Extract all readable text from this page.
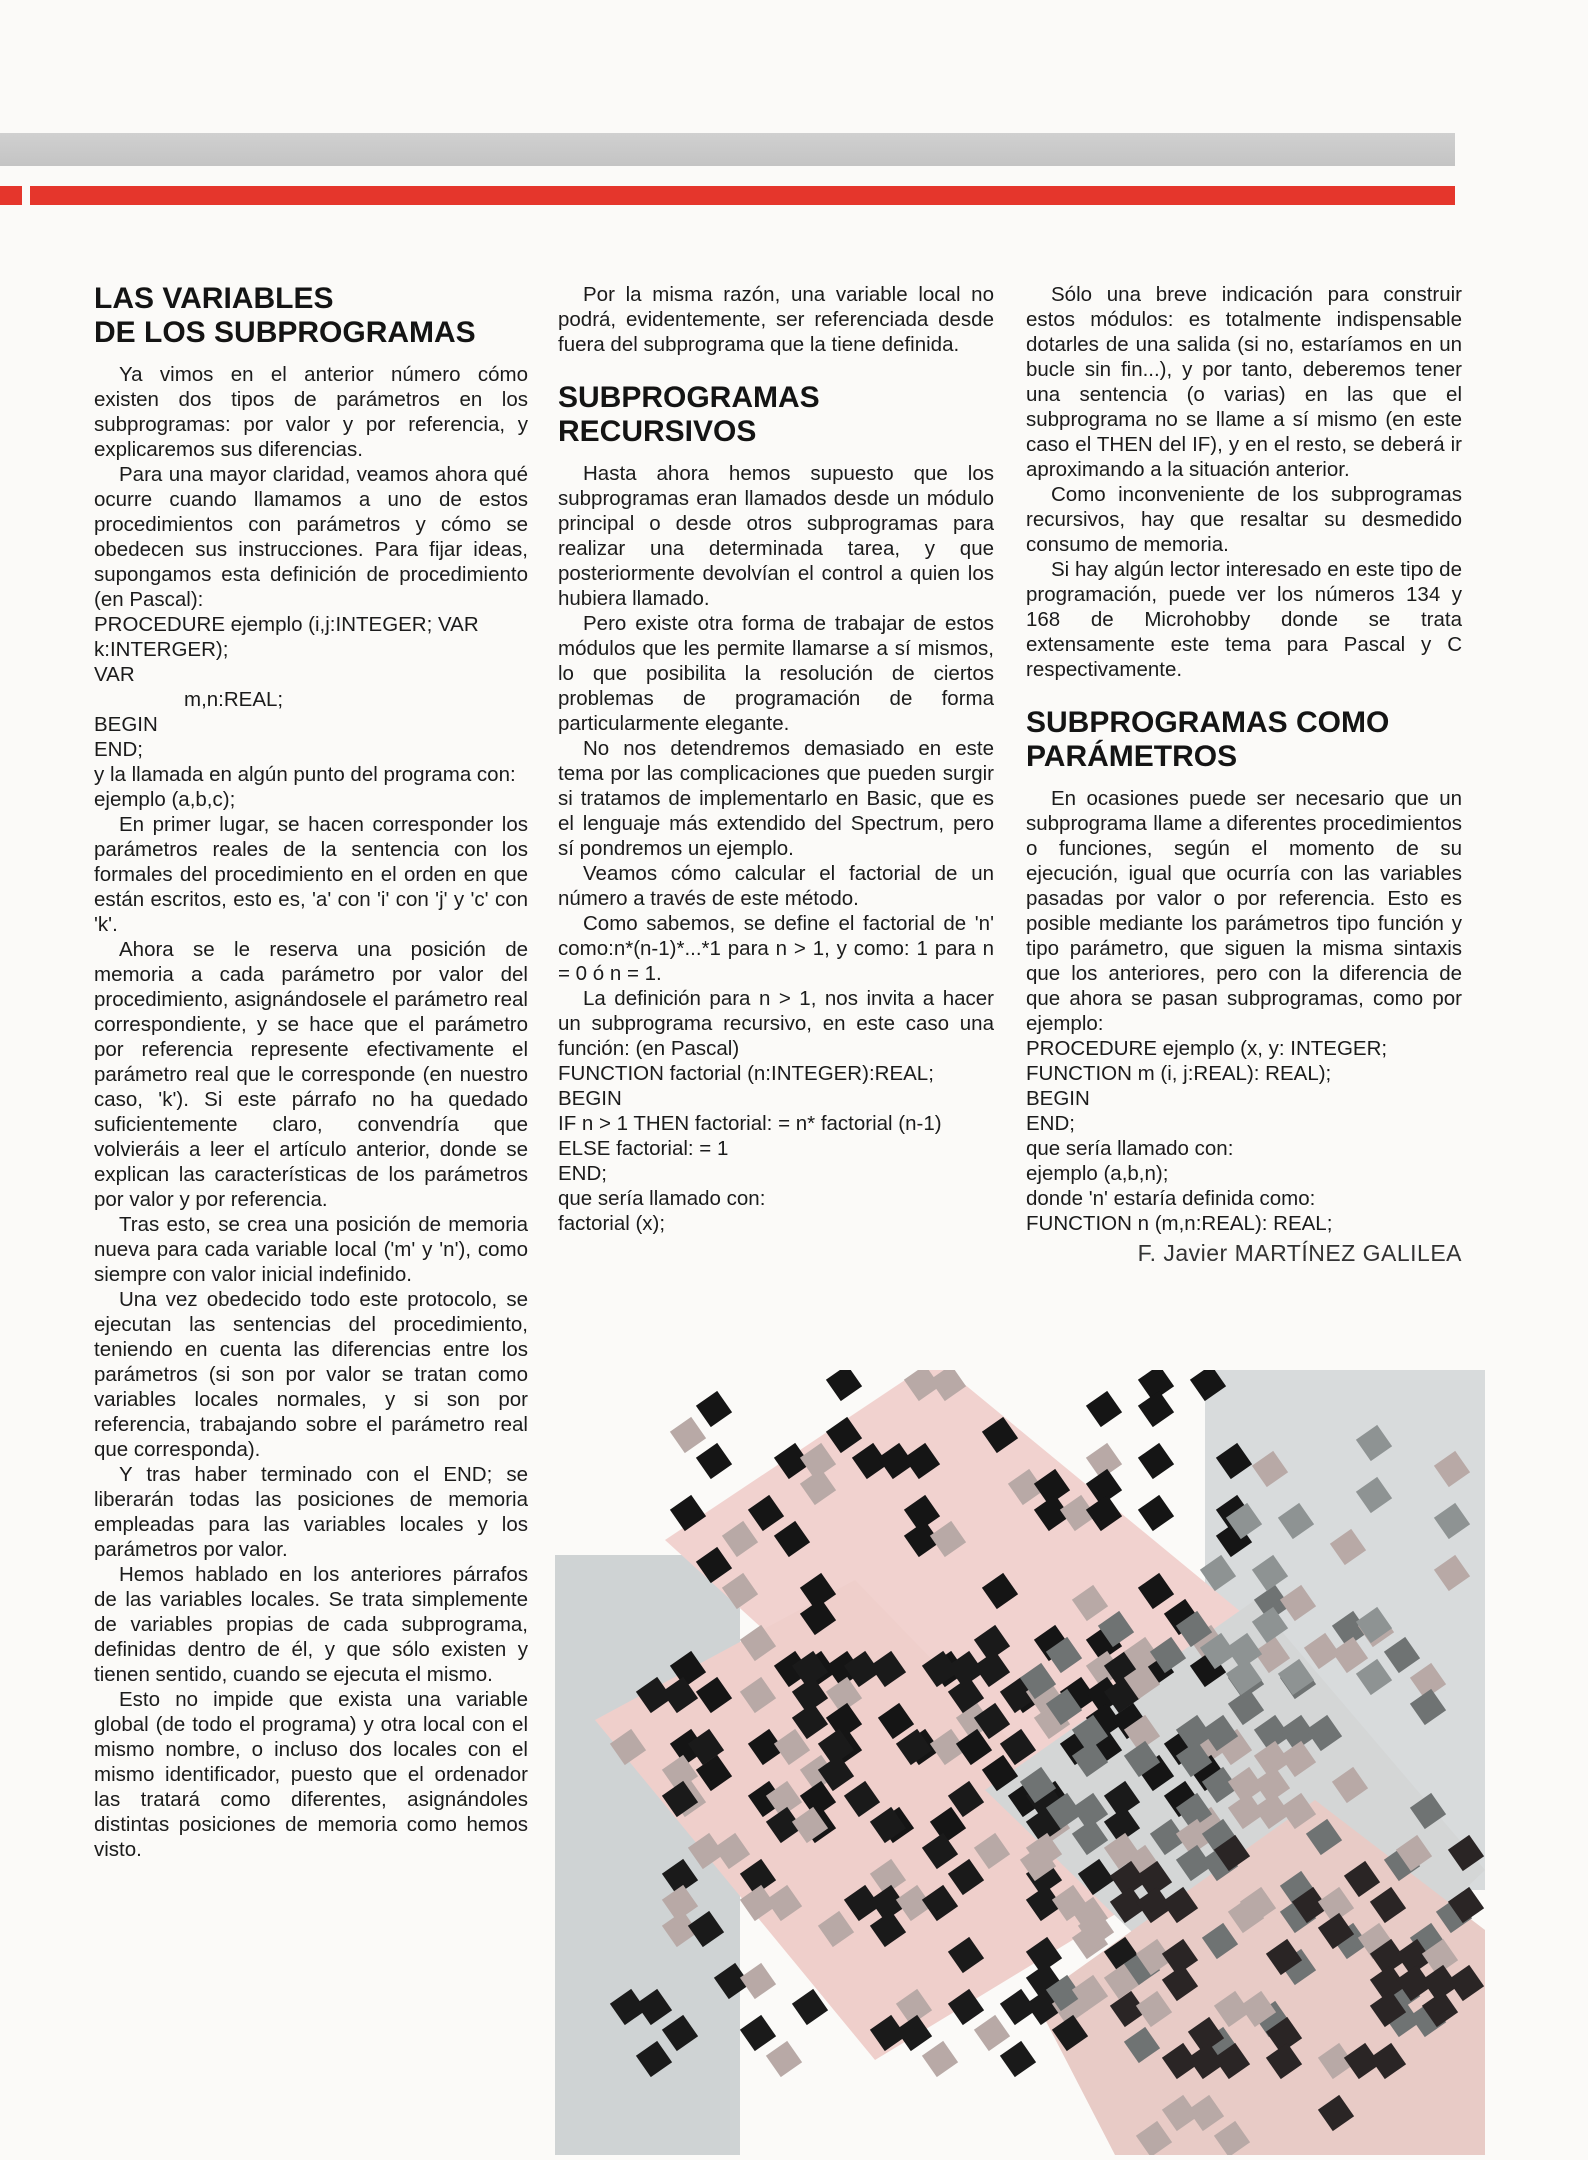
LAS VARIABLES
DE LOS SUBPROGRAMAS

Ya vimos en el anterior número cómo existen dos tipos de parámetros en los subprogramas: por valor y por referencia, y explicaremos sus diferencias.

Para una mayor claridad, veamos ahora qué ocurre cuando llamamos a uno de estos procedimientos con parámetros y cómo se obedecen sus instrucciones. Para fijar ideas, supongamos esta definición de procedimiento (en Pascal):

PROCEDURE ejemplo (i,j:INTEGER; VAR k:INTERGER);

VAR

m,n:REAL;

BEGIN

END;

y la llamada en algún punto del programa con:

ejemplo (a,b,c);

En primer lugar, se hacen corresponder los parámetros reales de la sentencia con los formales del procedimiento en el orden en que están escritos, esto es, 'a' con 'i' con 'j' y 'c' con 'k'.

Ahora se le reserva una posición de memoria a cada parámetro por valor del procedimiento, asignándosele el parámetro real correspondiente, y se hace que el parámetro por referencia represente efectivamente el parámetro real que le corresponde (en nuestro caso, 'k'). Si este párrafo no ha quedado suficientemente claro, convendría que volvieráis a leer el artículo anterior, donde se explican las características de los parámetros por valor y por referencia.

Tras esto, se crea una posición de memoria nueva para cada variable local ('m' y 'n'), como siempre con valor inicial indefinido.

Una vez obedecido todo este protocolo, se ejecutan las sentencias del procedimiento, teniendo en cuenta las diferencias entre los parámetros (si son por valor se tratan como variables locales normales, y si son por referencia, trabajando sobre el parámetro real que corresponda).

Y tras haber terminado con el END; se liberarán todas las posiciones de memoria empleadas para las variables locales y los parámetros por valor.

Hemos hablado en los anteriores párrafos de las variables locales. Se trata simplemente de variables propias de cada subprograma, definidas dentro de él, y que sólo existen y tienen sentido, cuando se ejecuta el mismo.

Esto no impide que exista una variable global (de todo el programa) y otra local con el mismo nombre, o incluso dos locales con el mismo identificador, puesto que el ordenador las tratará como diferentes, asignándoles distintas posiciones de memoria como hemos visto.

Por la misma razón, una variable local no podrá, evidentemente, ser referenciada desde fuera del subprograma que la tiene definida.

SUBPROGRAMAS
RECURSIVOS

Hasta ahora hemos supuesto que los subprogramas eran llamados desde un módulo principal o desde otros subprogramas para realizar una determinada tarea, y que posteriormente devolvían el control a quien los hubiera llamado.

Pero existe otra forma de trabajar de estos módulos que les permite llamarse a sí mismos, lo que posibilita la resolución de ciertos problemas de programación de forma particularmente elegante.

No nos detendremos demasiado en este tema por las complicaciones que pueden surgir si tratamos de implementarlo en Basic, que es el lenguaje más extendido del Spectrum, pero sí pondremos un ejemplo.

Veamos cómo calcular el factorial de un número a través de este método.

Como sabemos, se define el factorial de 'n' como:n*(n-1)*...*1 para n > 1, y como: 1 para n = 0 ó n = 1.

La definición para n > 1, nos invita a hacer un subprograma recursivo, en este caso una función: (en Pascal)

FUNCTION factorial (n:INTEGER):REAL;

BEGIN

IF n > 1 THEN factorial: = n* factorial (n-1)

ELSE factorial: = 1

END;

que sería llamado con:

factorial (x);

Sólo una breve indicación para construir estos módulos: es totalmente indispensable dotarles de una salida (si no, estaríamos en un bucle sin fin...), y por tanto, deberemos tener una sentencia (o varias) en las que el subprograma no se llame a sí mismo (en este caso el THEN del IF), y en el resto, se deberá ir aproximando a la situación anterior.

Como inconveniente de los subprogramas recursivos, hay que resaltar su desmedido consumo de memoria.

Si hay algún lector interesado en este tipo de programación, puede ver los números 134 y 168 de Microhobby donde se trata extensamente este tema para Pascal y C respectivamente.

SUBPROGRAMAS COMO
PARÁMETROS

En ocasiones puede ser necesario que un subprograma llame a diferentes procedimientos o funciones, según el momento de su ejecución, igual que ocurría con las variables pasadas por valor o por referencia. Esto es posible mediante los parámetros tipo función y tipo parámetro, que siguen la misma sintaxis que los anteriores, pero con la diferencia de que ahora se pasan subprogramas, como por ejemplo:

PROCEDURE ejemplo (x, y: INTEGER;

FUNCTION m (i, j:REAL): REAL);

BEGIN

END;

que sería llamado con:

ejemplo (a,b,n);

donde 'n' estaría definida como:

FUNCTION n (m,n:REAL): REAL;

F. Javier MARTÍNEZ GALILEA
